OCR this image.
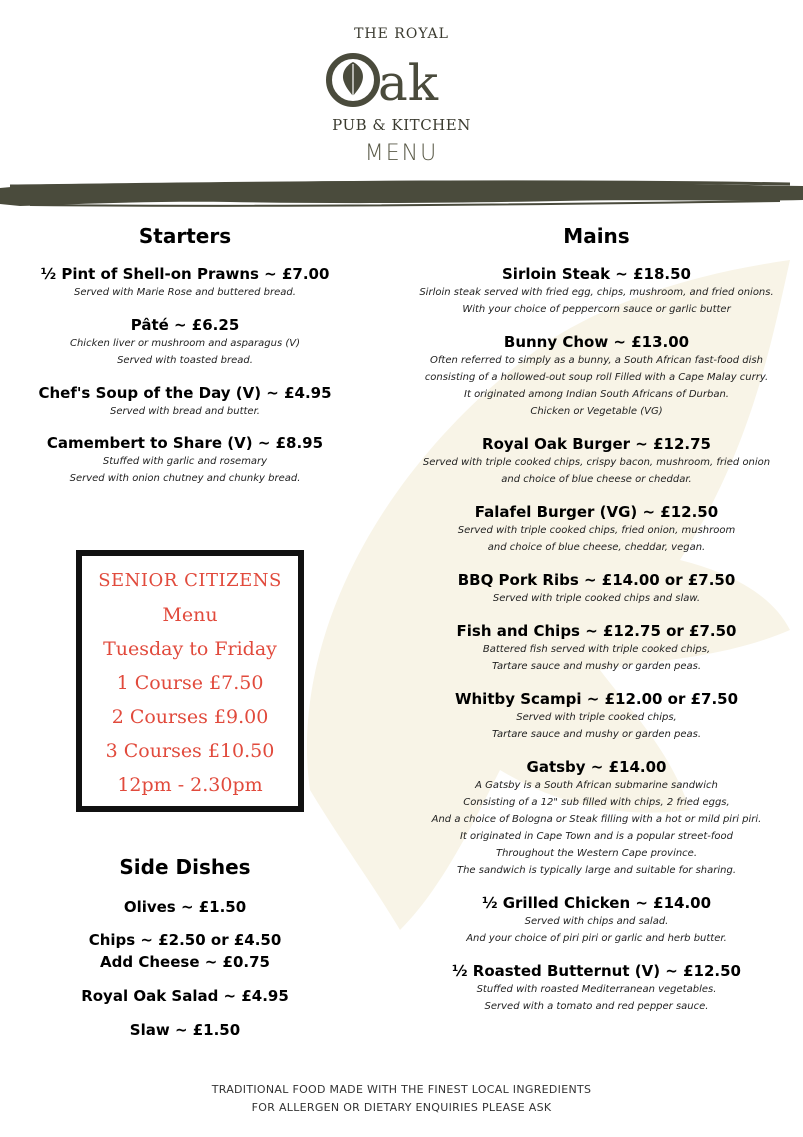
THE ROYAL
ak
PUB & KITCHEN
MENU
Starters
½ Pint of Shell-on Prawns ~ £7.00
Served with Marie Rose and buttered bread.
Pâté ~ £6.25
Chicken liver or mushroom and asparagus (V)
Served with toasted bread.
Chef's Soup of the Day (V) ~ £4.95
Served with bread and butter.
Camembert to Share (V) ~ £8.95
Stuffed with garlic and rosemary
Served with onion chutney and chunky bread.
SENIOR CITIZENS
Menu
Tuesday to Friday
1 Course £7.50
2 Courses £9.00
3 Courses £10.50
12pm - 2.30pm
Side Dishes
Olives ~ £1.50
Chips ~ £2.50 or £4.50
Add Cheese ~ £0.75
Royal Oak Salad ~ £4.95
Slaw ~ £1.50
Mains
Sirloin Steak ~ £18.50
Sirloin steak served with fried egg, chips, mushroom, and fried onions.
With your choice of peppercorn sauce or garlic butter
Bunny Chow ~ £13.00
Often referred to simply as a bunny, a South African fast-food dish
consisting of a hollowed-out soup roll Filled with a Cape Malay curry.
It originated among Indian South Africans of Durban.
Chicken or Vegetable (VG)
Royal Oak Burger ~ £12.75
Served with triple cooked chips, crispy bacon, mushroom, fried onion
and choice of blue cheese or cheddar.
Falafel Burger (VG) ~ £12.50
Served with triple cooked chips, fried onion, mushroom
and choice of blue cheese, cheddar, vegan.
BBQ Pork Ribs ~ £14.00 or £7.50
Served with triple cooked chips and slaw.
Fish and Chips ~ £12.75 or £7.50
Battered fish served with triple cooked chips,
Tartare sauce and mushy or garden peas.
Whitby Scampi ~ £12.00 or £7.50
Served with triple cooked chips,
Tartare sauce and mushy or garden peas.
Gatsby ~ £14.00
A Gatsby is a South African submarine sandwich
Consisting of a 12" sub filled with chips, 2 fried eggs,
And a choice of Bologna or Steak filling with a hot or mild piri piri.
It originated in Cape Town and is a popular street-food
Throughout the Western Cape province.
The sandwich is typically large and suitable for sharing.
½ Grilled Chicken ~ £14.00
Served with chips and salad.
And your choice of piri piri or garlic and herb butter.
½ Roasted Butternut (V) ~ £12.50
Stuffed with roasted Mediterranean vegetables.
Served with a tomato and red pepper sauce.
TRADITIONAL FOOD MADE WITH THE FINEST LOCAL INGREDIENTS
FOR ALLERGEN OR DIETARY ENQUIRIES PLEASE ASK
